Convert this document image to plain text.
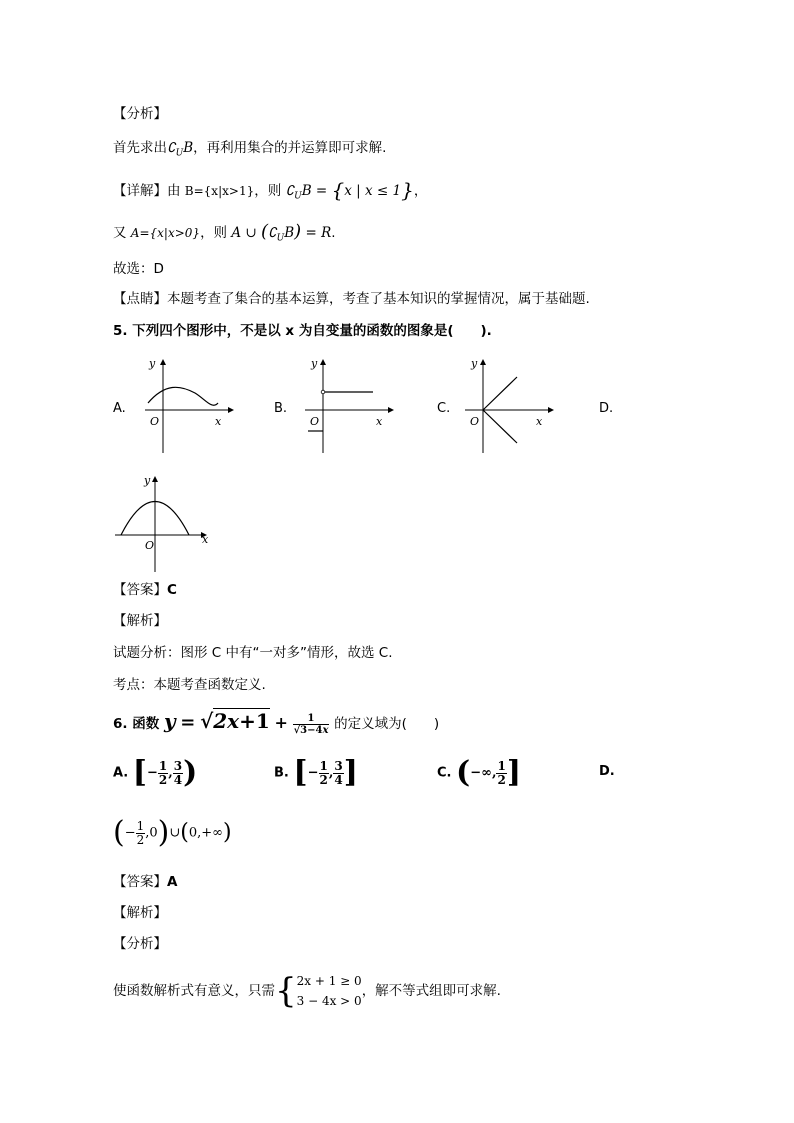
【分析】
首先求出$∁_UB$，再利用集合的并运算即可求解.
【详解】由 B={x|x>1}，则 $∁_UB = \{x$ | x ≤ 1}，
又 A={x|x>0}，则 A ∪ $(∁_UB) = R$.
故选：D
【点睛】本题考查了集合的基本运算，考查了基本知识的掌握情况，属于基础题.
5. 下列四个图形中，不是以 x 为自变量的函数的图象是(　　).
A.	B.	C.	D.
y
x
O
y
x
O
y
x
O
y
x
O
【答案】C
【解析】
试题分析：图形 C 中有“一对多”情形，故选 C.
考点：本题考查函数定义.
6. 函数 $y = √2x+1 + \frac{1}{√3-4x}$ 的定义域为(　　)
A. [− $\frac{1}{2}$ , $\frac{3}{4}$ )	B. [− $\frac{1}{2}$ , $\frac{3}{4}$ ]	C. (−∞, $\frac{1}{2}$ ]	D.
(− $\frac{1}{2}$ ,0)∪(0,+∞)
【答案】A
【解析】
【分析】
使函数解析式有意义，只需{ 2x + 1 ≥ 0
3 − 4x > 0
，解不等式组即可求解.
